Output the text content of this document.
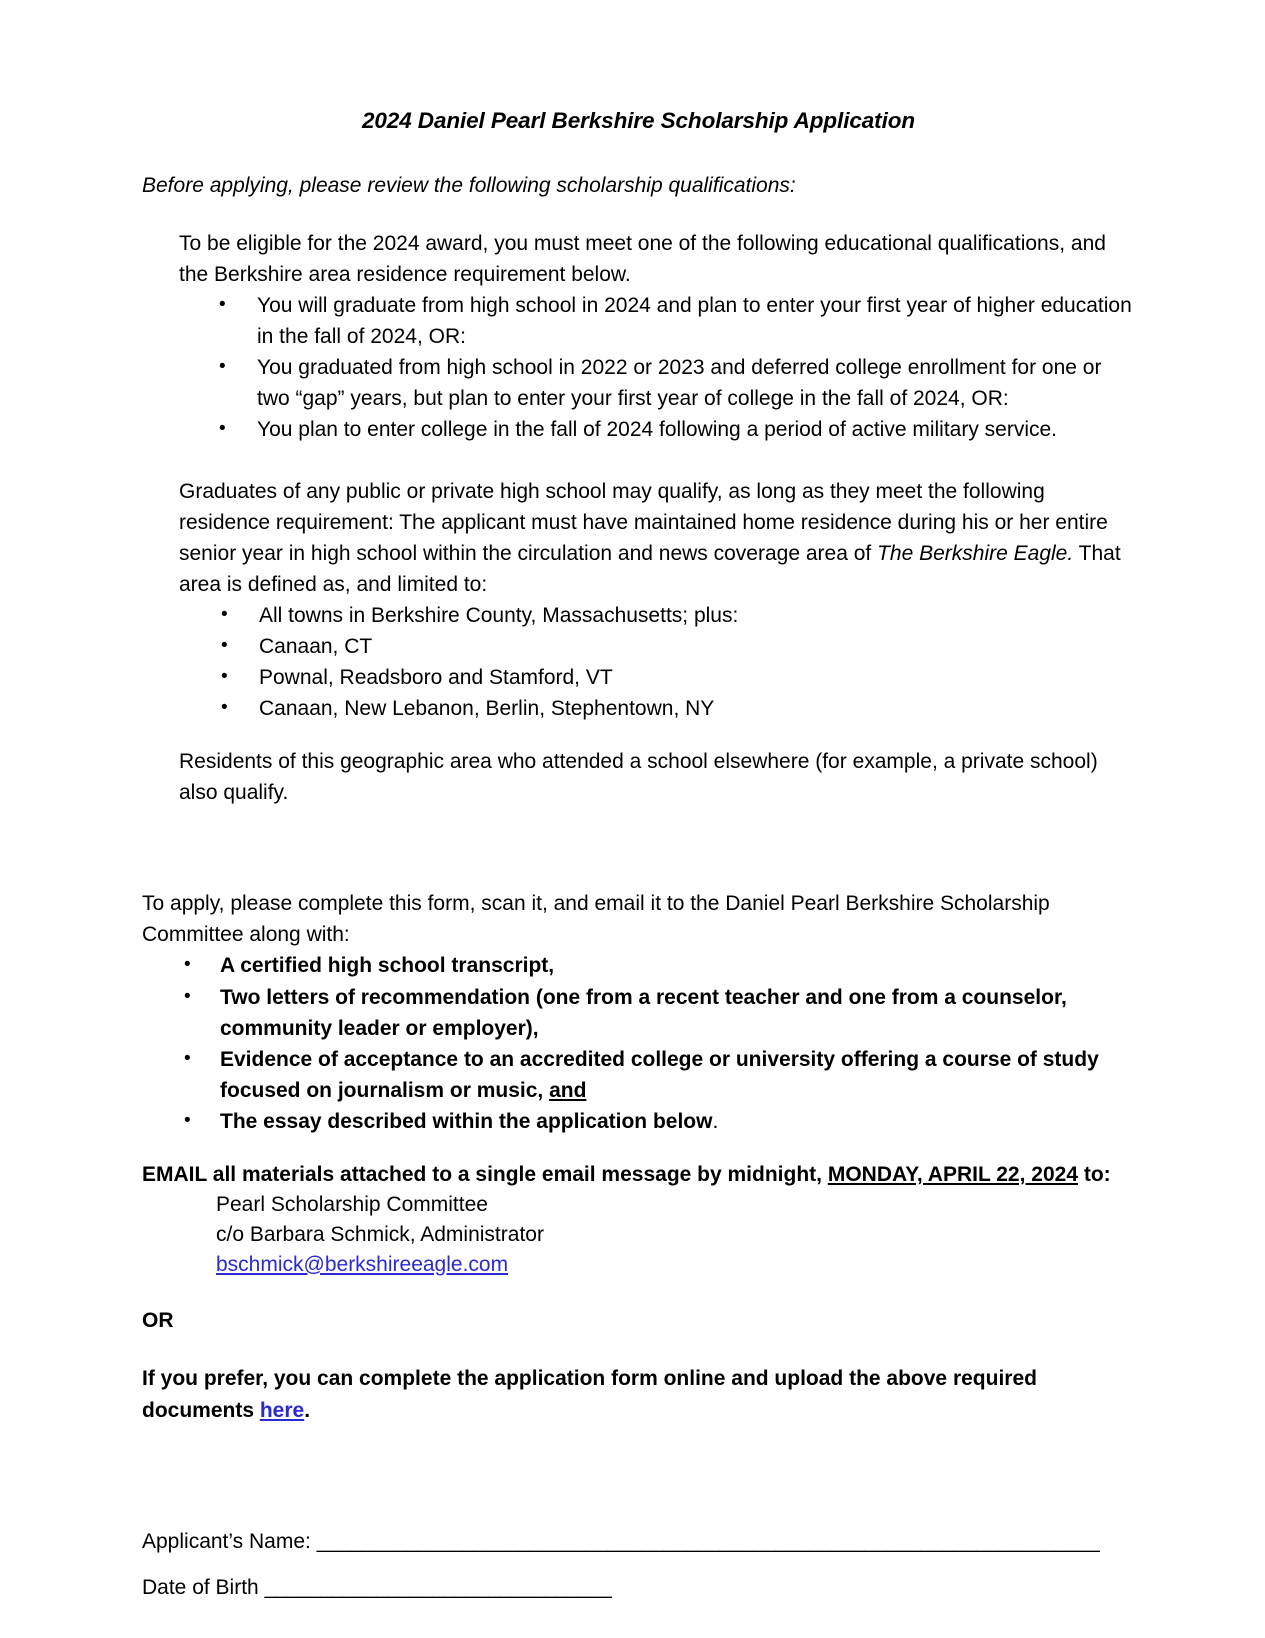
2024 Daniel Pearl Berkshire Scholarship Application
Before applying, please review the following scholarship qualifications:

To be eligible for the 2024 award, you must meet one of the following educational qualifications, and the Berkshire area residence requirement below.

• You will graduate from high school in 2024 and plan to enter your first year of higher education in the fall of 2024, OR:
• You graduated from high school in 2022 or 2023 and deferred college enrollment for one or two “gap” years, but plan to enter your first year of college in the fall of 2024, OR:
• You plan to enter college in the fall of 2024 following a period of active military service.

Graduates of any public or private high school may qualify, as long as they meet the following residence requirement: The applicant must have maintained home residence during his or her entire senior year in high school within the circulation and news coverage area of The Berkshire Eagle. That area is defined as, and limited to:

• All towns in Berkshire County, Massachusetts; plus:
• Canaan, CT
• Pownal, Readsboro and Stamford, VT
• Canaan, New Lebanon, Berlin, Stephentown, NY

Residents of this geographic area who attended a school elsewhere (for example, a private school) also qualify.

To apply, please complete this form, scan it, and email it to the Daniel Pearl Berkshire Scholarship Committee along with:

• A certified high school transcript,
• Two letters of recommendation (one from a recent teacher and one from a counselor, community leader or employer),
• Evidence of acceptance to an accredited college or university offering a course of study focused on journalism or music, and
• The essay described within the application below.

EMAIL all materials attached to a single email message by midnight, MONDAY, APRIL 22, 2024 to:

Pearl Scholarship Committee
c/o Barbara Schmick, Administrator
bschmick@berkshireeagle.com
OR
If you prefer, you can complete the application form online and upload the above required documents here.
Applicant’s Name: ______________________________________________________________________
Date of Birth _______________________________
